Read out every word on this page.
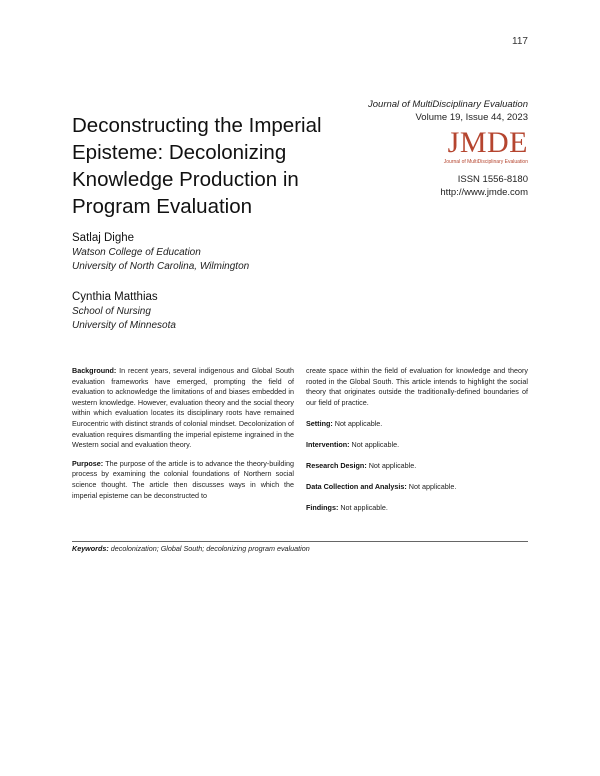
117
Deconstructing the Imperial Episteme: Decolonizing Knowledge Production in Program Evaluation
Journal of MultiDisciplinary Evaluation
Volume 19, Issue 44, 2023
JMDE
Journal of MultiDisciplinary Evaluation
ISSN 1556-8180
http://www.jmde.com
Satlaj Dighe
Watson College of Education
University of North Carolina, Wilmington
Cynthia Matthias
School of Nursing
University of Minnesota

Background: In recent years, several indigenous and Global South evaluation frameworks have emerged, prompting the field of evaluation to acknowledge the limitations of and biases embedded in western knowledge. However, evaluation theory and the social theory within which evaluation locates its disciplinary roots have remained Eurocentric with distinct strands of colonial mindset. Decolonization of evaluation requires dismantling the imperial episteme ingrained in the Western social and evaluation theory.

Purpose: The purpose of the article is to advance the theory-building process by examining the colonial foundations of Northern social science thought. The article then discusses ways in which the imperial episteme can be deconstructed to

create space within the field of evaluation for knowledge and theory rooted in the Global South. This article intends to highlight the social theory that originates outside the traditionally-defined boundaries of our field of practice.

Setting: Not applicable.

Intervention: Not applicable.

Research Design: Not applicable.

Data Collection and Analysis: Not applicable.

Findings: Not applicable.

Keywords: decolonization; Global South; decolonizing program evaluation
